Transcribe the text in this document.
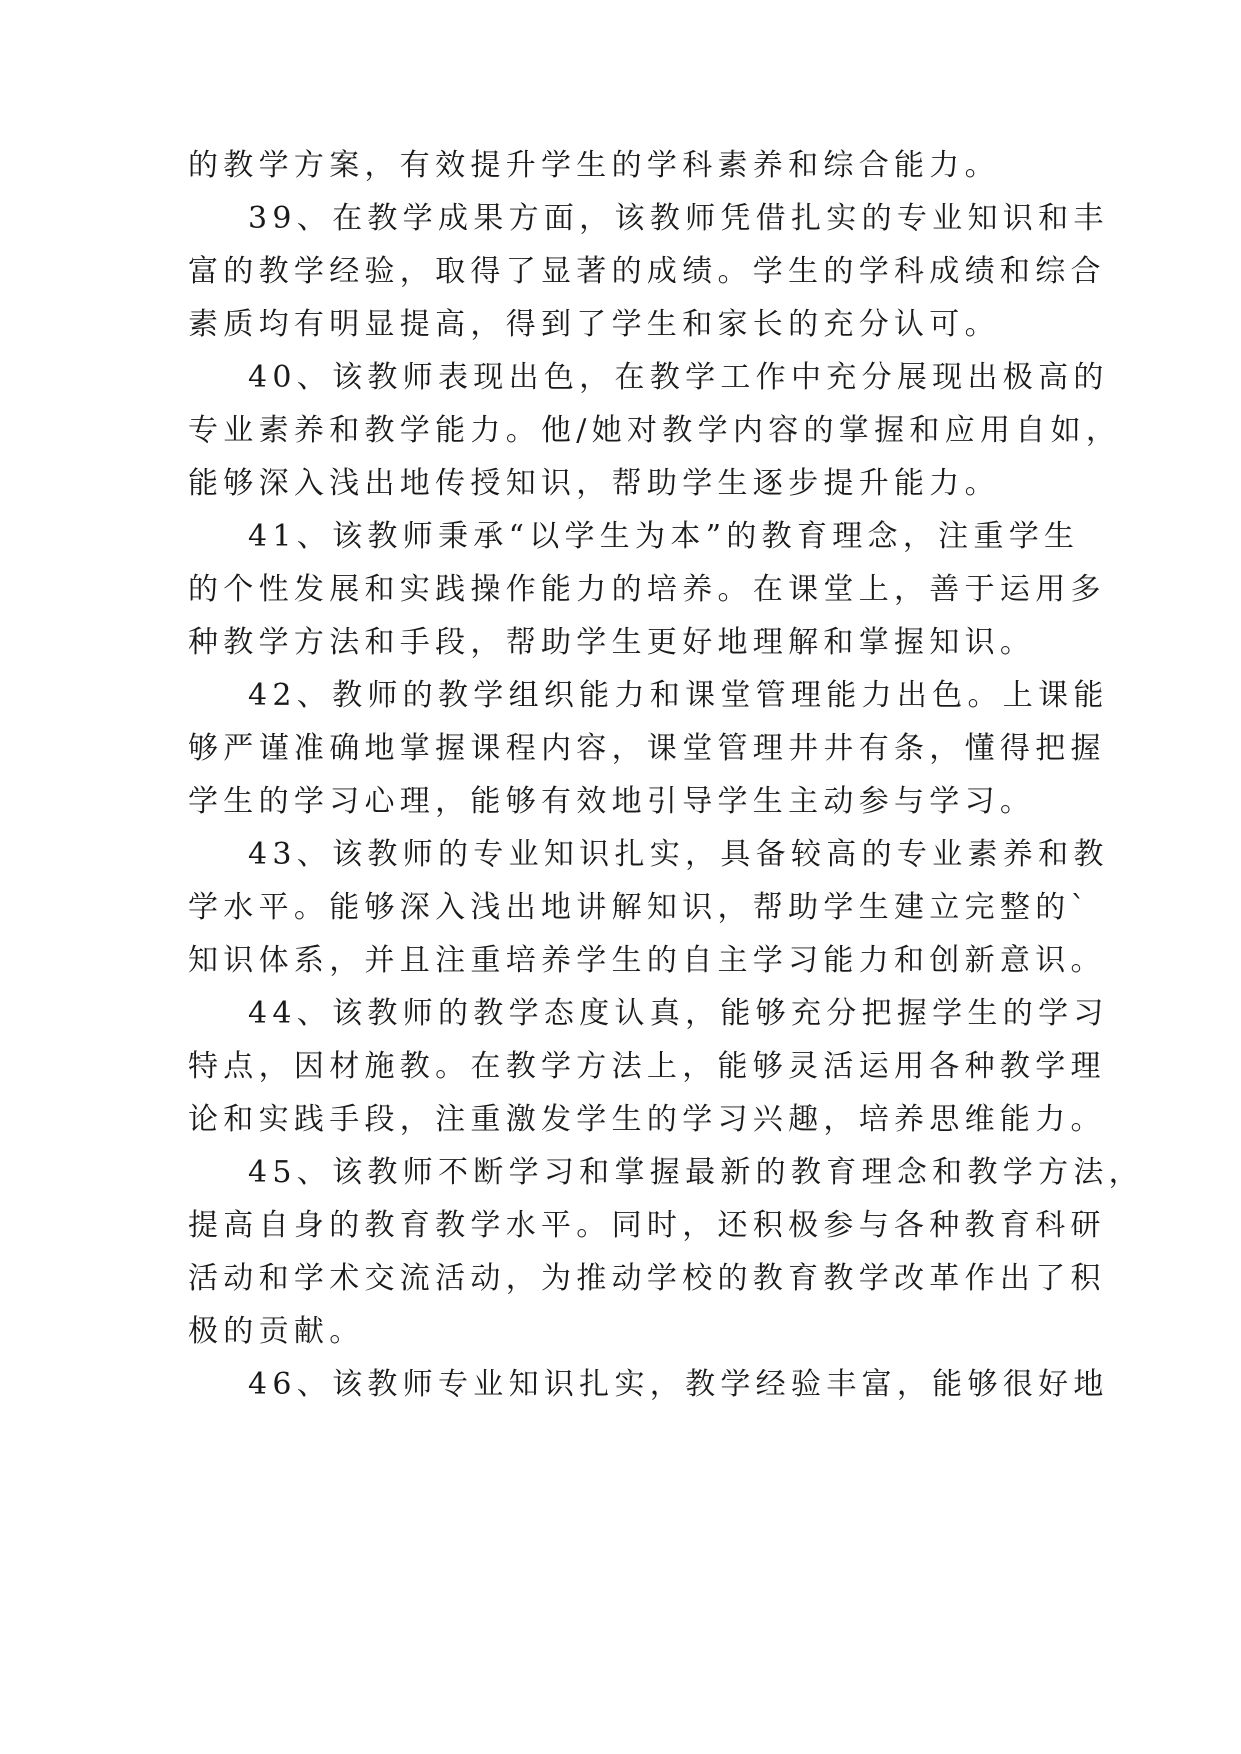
的教学方案，有效提升学生的学科素养和综合能力。
39、在教学成果方面，该教师凭借扎实的专业知识和丰
富的教学经验，取得了显著的成绩。学生的学科成绩和综合
素质均有明显提高，得到了学生和家长的充分认可。
40、该教师表现出色，在教学工作中充分展现出极高的
专业素养和教学能力。他/她对教学内容的掌握和应用自如，
能够深入浅出地传授知识，帮助学生逐步提升能力。
41、该教师秉承“以学生为本”的教育理念，注重学生
的个性发展和实践操作能力的培养。在课堂上，善于运用多
种教学方法和手段，帮助学生更好地理解和掌握知识。
42、教师的教学组织能力和课堂管理能力出色。上课能
够严谨准确地掌握课程内容，课堂管理井井有条，懂得把握
学生的学习心理，能够有效地引导学生主动参与学习。
43、该教师的专业知识扎实，具备较高的专业素养和教
学水平。能够深入浅出地讲解知识，帮助学生建立完整的`
知识体系，并且注重培养学生的自主学习能力和创新意识。
44、该教师的教学态度认真，能够充分把握学生的学习
特点，因材施教。在教学方法上，能够灵活运用各种教学理
论和实践手段，注重激发学生的学习兴趣，培养思维能力。
45、该教师不断学习和掌握最新的教育理念和教学方法，
提高自身的教育教学水平。同时，还积极参与各种教育科研
活动和学术交流活动，为推动学校的教育教学改革作出了积
极的贡献。
46、该教师专业知识扎实，教学经验丰富，能够很好地
